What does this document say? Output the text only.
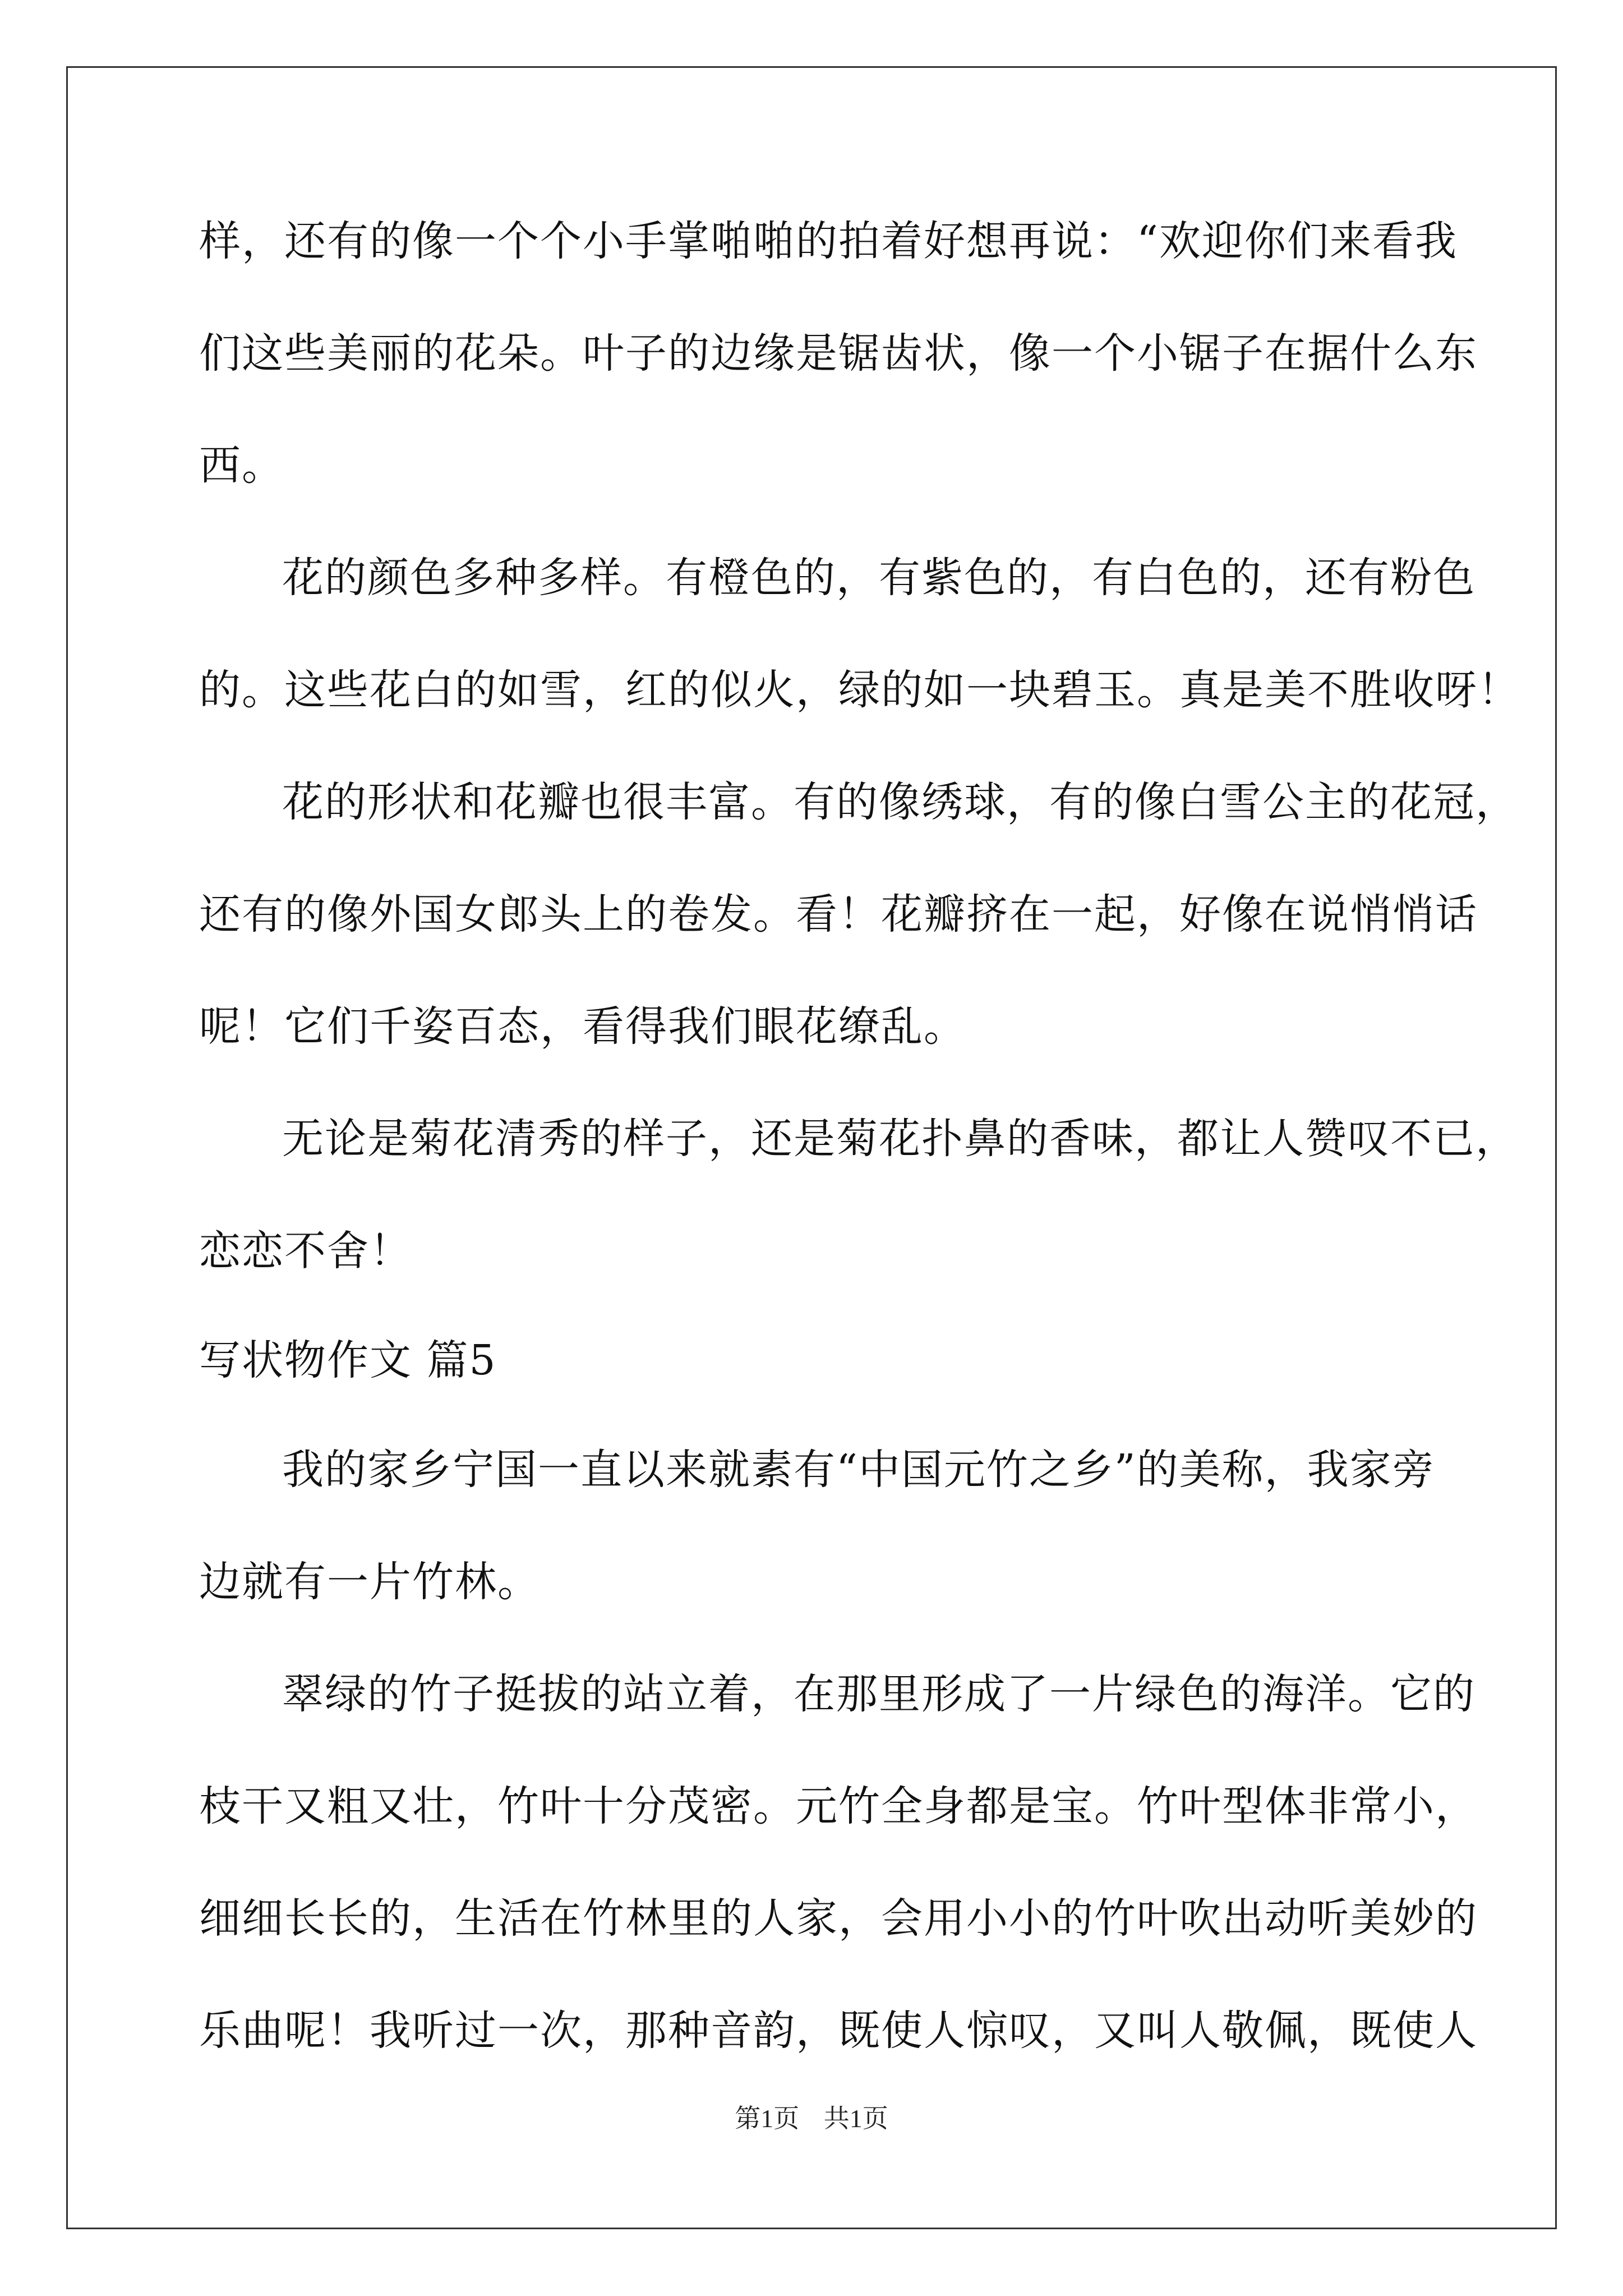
样，还有的像一个个小手掌啪啪的拍着好想再说：“欢迎你们来看我
们这些美丽的花朵。叶子的边缘是锯齿状，像一个小锯子在据什么东
西。
花的颜色多种多样。有橙色的，有紫色的，有白色的，还有粉色
的。这些花白的如雪，红的似火，绿的如一块碧玉。真是美不胜收呀！
花的形状和花瓣也很丰富。有的像绣球，有的像白雪公主的花冠，
还有的像外国女郎头上的卷发。看！花瓣挤在一起，好像在说悄悄话
呢！它们千姿百态，看得我们眼花缭乱。
无论是菊花清秀的样子，还是菊花扑鼻的香味，都让人赞叹不已，
恋恋不舍！
写状物作文 篇5
我的家乡宁国一直以来就素有“中国元竹之乡”的美称，我家旁
边就有一片竹林。
翠绿的竹子挺拔的站立着，在那里形成了一片绿色的海洋。它的
枝干又粗又壮，竹叶十分茂密。元竹全身都是宝。竹叶型体非常小，
细细长长的，生活在竹林里的人家，会用小小的竹叶吹出动听美妙的
乐曲呢！我听过一次，那种音韵，既使人惊叹，又叫人敬佩，既使人
第1页 共1页
